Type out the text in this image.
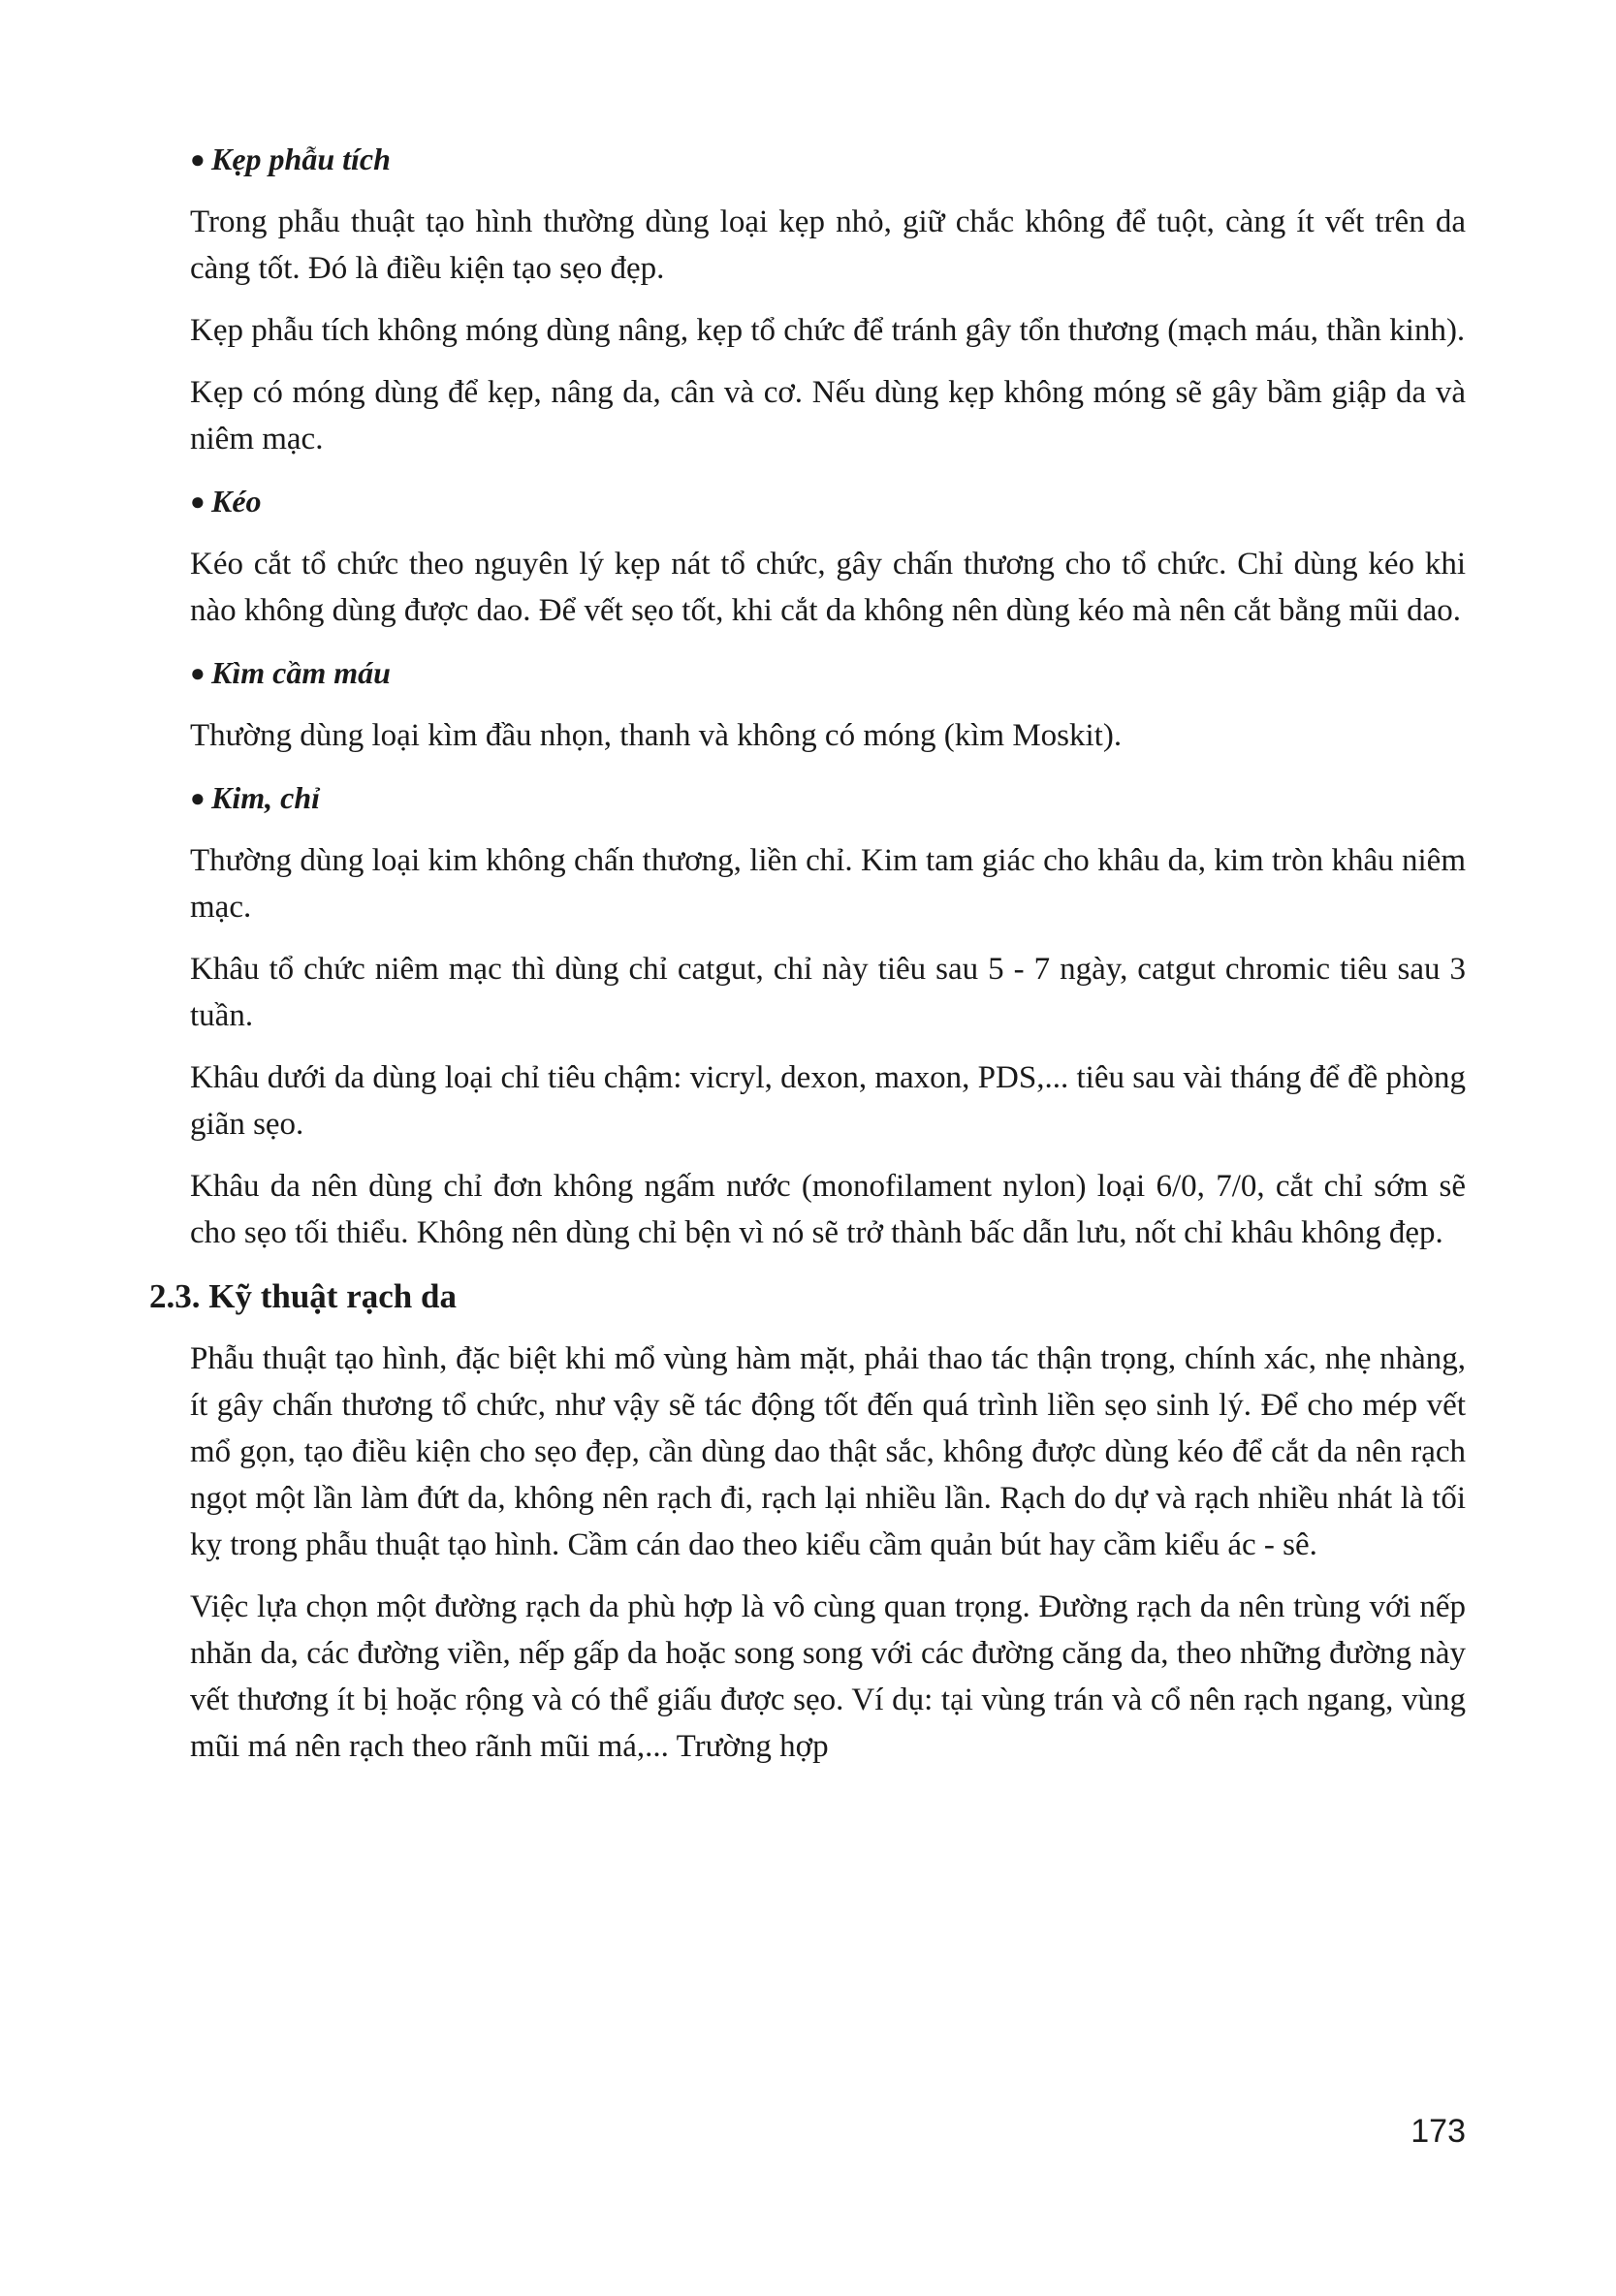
● Kẹp phẫu tích

Trong phẫu thuật tạo hình thường dùng loại kẹp nhỏ, giữ chắc không để tuột, càng ít vết trên da càng tốt. Đó là điều kiện tạo sẹo đẹp.

Kẹp phẫu tích không móng dùng nâng, kẹp tổ chức để tránh gây tổn thương (mạch máu, thần kinh).

Kẹp có móng dùng để kẹp, nâng da, cân và cơ. Nếu dùng kẹp không móng sẽ gây bầm giập da và niêm mạc.

● Kéo

Kéo cắt tổ chức theo nguyên lý kẹp nát tổ chức, gây chấn thương cho tổ chức. Chỉ dùng kéo khi nào không dùng được dao. Để vết sẹo tốt, khi cắt da không nên dùng kéo mà nên cắt bằng mũi dao.

● Kìm cầm máu

Thường dùng loại kìm đầu nhọn, thanh và không có móng (kìm Moskit).

● Kim, chỉ

Thường dùng loại kim không chấn thương, liền chỉ. Kim tam giác cho khâu da, kim tròn khâu niêm mạc.

Khâu tổ chức niêm mạc thì dùng chỉ catgut, chỉ này tiêu sau 5 - 7 ngày, catgut chromic tiêu sau 3 tuần.

Khâu dưới da dùng loại chỉ tiêu chậm: vicryl, dexon, maxon, PDS,... tiêu sau vài tháng để đề phòng giãn sẹo.

Khâu da nên dùng chỉ đơn không ngấm nước (monofilament nylon) loại 6/0, 7/0, cắt chỉ sớm sẽ cho sẹo tối thiểu. Không nên dùng chỉ bện vì nó sẽ trở thành bấc dẫn lưu, nốt chỉ khâu không đẹp.

2.3. Kỹ thuật rạch da

Phẫu thuật tạo hình, đặc biệt khi mổ vùng hàm mặt, phải thao tác thận trọng, chính xác, nhẹ nhàng, ít gây chấn thương tổ chức, như vậy sẽ tác động tốt đến quá trình liền sẹo sinh lý. Để cho mép vết mổ gọn, tạo điều kiện cho sẹo đẹp, cần dùng dao thật sắc, không được dùng kéo để cắt da nên rạch ngọt một lần làm đứt da, không nên rạch đi, rạch lại nhiều lần. Rạch do dự và rạch nhiều nhát là tối kỵ trong phẫu thuật tạo hình. Cầm cán dao theo kiểu cầm quản bút hay cầm kiểu ác - sê.

Việc lựa chọn một đường rạch da phù hợp là vô cùng quan trọng. Đường rạch da nên trùng với nếp nhăn da, các đường viền, nếp gấp da hoặc song song với các đường căng da, theo những đường này vết thương ít bị hoặc rộng và có thể giấu được sẹo. Ví dụ: tại vùng trán và cổ nên rạch ngang, vùng mũi má nên rạch theo rãnh mũi má,... Trường hợp

173
